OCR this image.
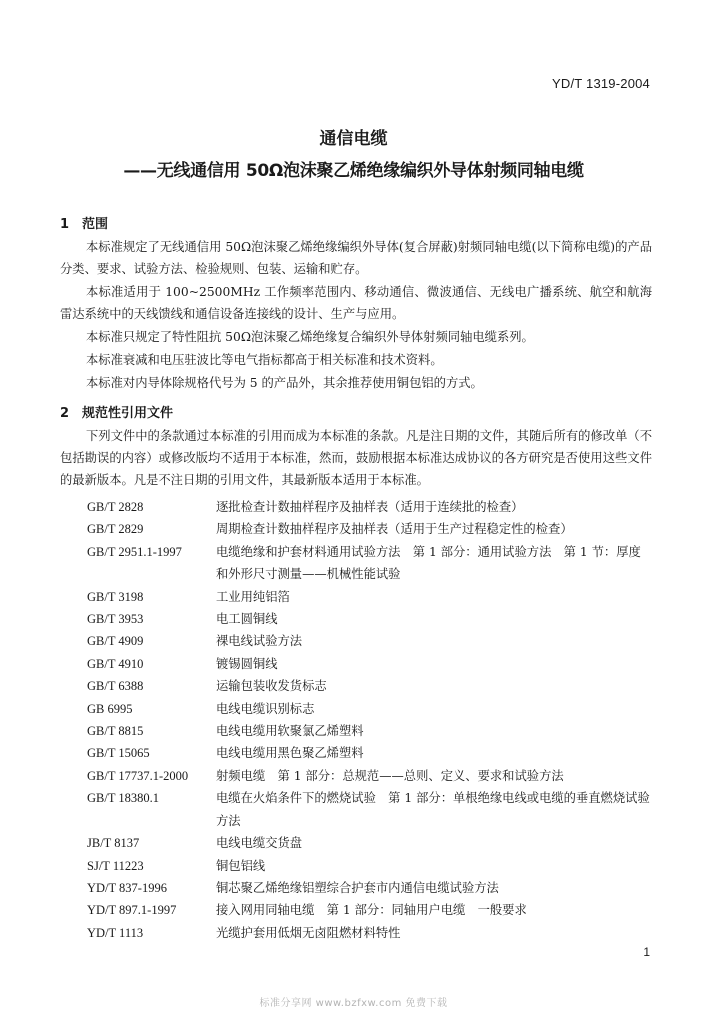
YD/T 1319-2004
通信电缆
——无线通信用 50Ω泡沫聚乙烯绝缘编织外导体射频同轴电缆
1 范围

本标准规定了无线通信用 50Ω泡沫聚乙烯绝缘编织外导体(复合屏蔽)射频同轴电缆(以下简称电缆)的产品分类、要求、试验方法、检验规则、包装、运输和贮存。

本标准适用于 100~2500MHz 工作频率范围内、移动通信、微波通信、无线电广播系统、航空和航海雷达系统中的天线馈线和通信设备连接线的设计、生产与应用。

本标准只规定了特性阻抗 50Ω泡沫聚乙烯绝缘复合编织外导体射频同轴电缆系列。

本标准衰减和电压驻波比等电气指标都高于相关标准和技术资料。

本标准对内导体除规格代号为 5 的产品外，其余推荐使用铜包铝的方式。

2 规范性引用文件

下列文件中的条款通过本标准的引用而成为本标准的条款。凡是注日期的文件，其随后所有的修改单（不包括勘误的内容）或修改版均不适用于本标准，然而，鼓励根据本标准达成协议的各方研究是否使用这些文件的最新版本。凡是不注日期的引用文件，其最新版本适用于本标准。

GB/T 2828	逐批检查计数抽样程序及抽样表（适用于连续批的检查）
GB/T 2829	周期检查计数抽样程序及抽样表（适用于生产过程稳定性的检查）
GB/T 2951.1-1997	电缆绝缘和护套材料通用试验方法　第 1 部分：通用试验方法　第 1 节：厚度和外形尺寸测量——机械性能试验
GB/T 3198	工业用纯铝箔
GB/T 3953	电工圆铜线
GB/T 4909	裸电线试验方法
GB/T 4910	镀锡圆铜线
GB/T 6388	运输包装收发货标志
GB 6995	电线电缆识别标志
GB/T 8815	电线电缆用软聚氯乙烯塑料
GB/T 15065	电线电缆用黑色聚乙烯塑料
GB/T 17737.1-2000	射频电缆　第 1 部分：总规范——总则、定义、要求和试验方法
GB/T 18380.1	电缆在火焰条件下的燃烧试验　第 1 部分：单根绝缘电线或电缆的垂直燃烧试验方法
JB/T 8137	电线电缆交货盘
SJ/T 11223	铜包铝线
YD/T 837-1996	铜芯聚乙烯绝缘铝塑综合护套市内通信电缆试验方法
YD/T 897.1-1997	接入网用同轴电缆　第 1 部分：同轴用户电缆　一般要求
YD/T 1113	光缆护套用低烟无卤阻燃材料特性
1
标准分享网 www.bzfxw.com 免费下载
